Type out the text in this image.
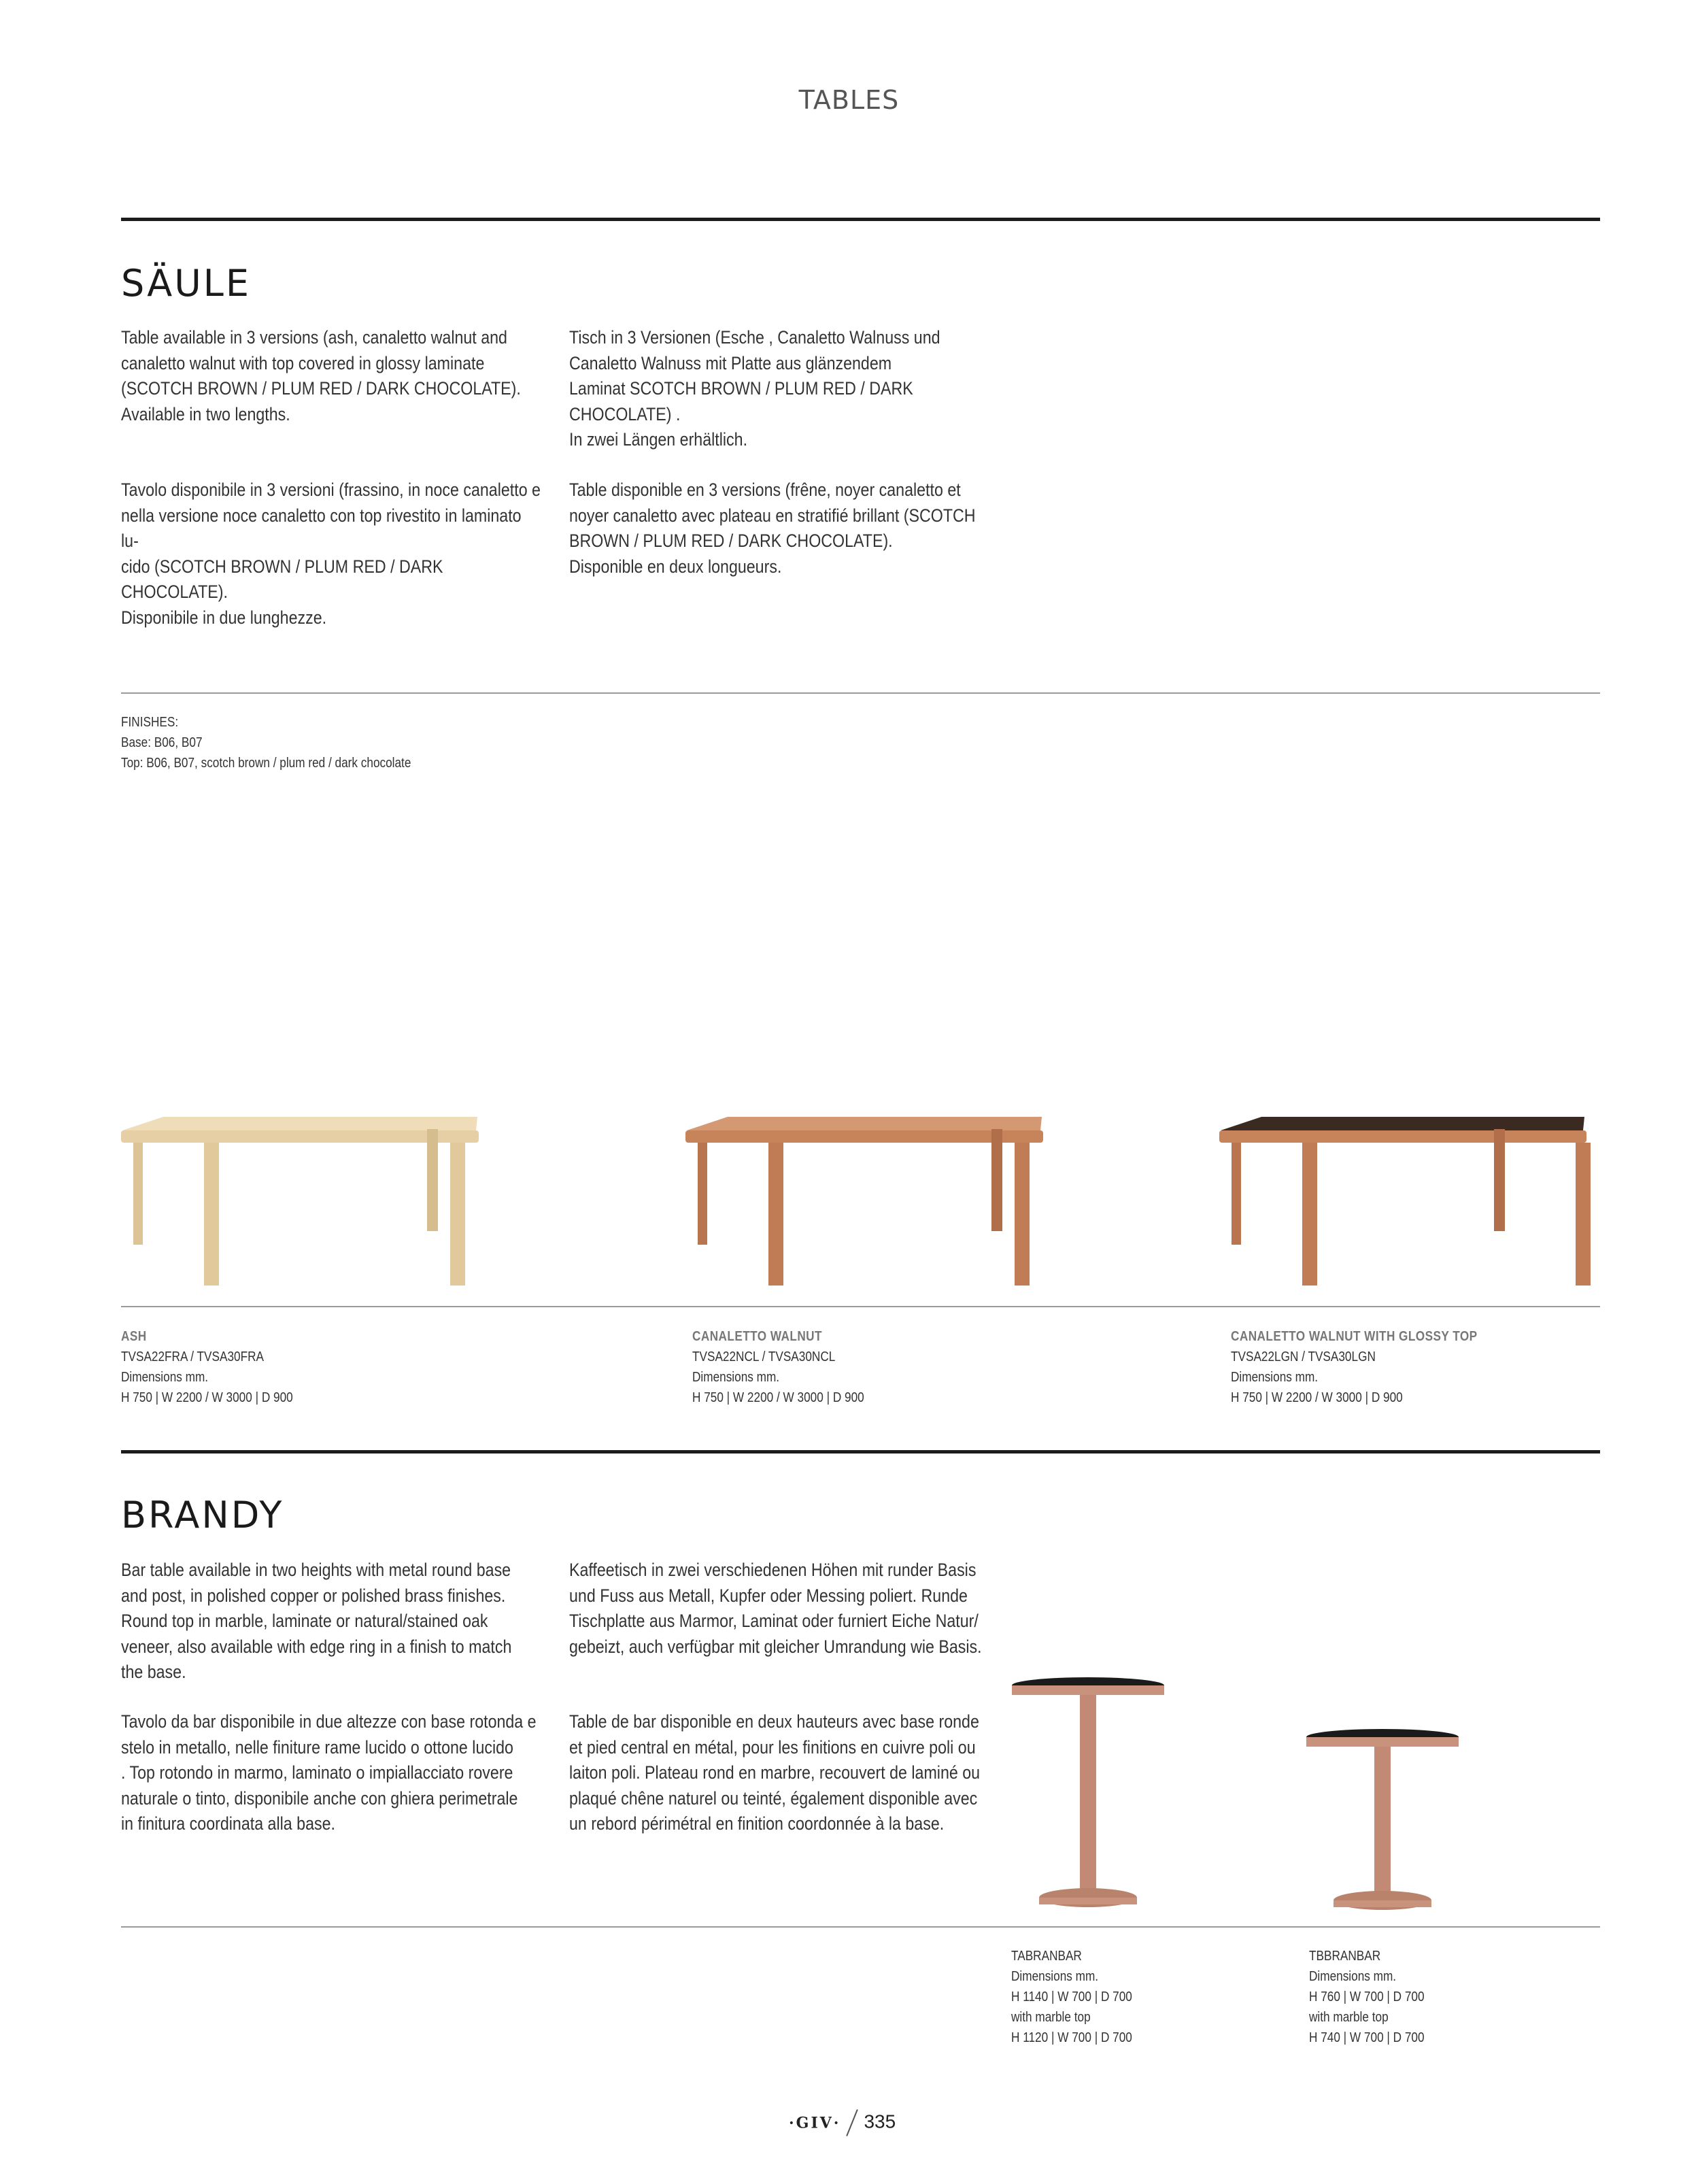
TABLES
SÄULE
Table available in 3 versions (ash, canaletto walnut and
canaletto walnut with top covered in glossy laminate
(SCOTCH BROWN / PLUM RED / DARK CHOCOLATE).
Available in two lengths.
Tisch in 3 Versionen (Esche , Canaletto Walnuss und
Canaletto Walnuss mit Platte aus glänzendem
Laminat SCOTCH BROWN / PLUM RED / DARK CHOCOLATE) .
In zwei Längen erhältlich.
Tavolo disponibile in 3 versioni (frassino, in noce canaletto e
nella versione noce canaletto con top rivestito in laminato lu-
cido (SCOTCH BROWN / PLUM RED / DARK CHOCOLATE).
Disponibile in due lunghezze.
Table disponible en 3 versions (frêne, noyer canaletto et
noyer canaletto avec plateau en stratifié brillant (SCOTCH
BROWN / PLUM RED / DARK CHOCOLATE).
Disponible en deux longueurs.
FINISHES:
Base: B06, B07
Top: B06, B07, scotch brown / plum red / dark chocolate
ASH
TVSA22FRA / TVSA30FRA
Dimensions mm.
H 750 | W 2200 / W 3000 | D 900
CANALETTO WALNUT
TVSA22NCL / TVSA30NCL
Dimensions mm.
H 750 | W 2200 / W 3000 | D 900
CANALETTO WALNUT WITH GLOSSY TOP
TVSA22LGN / TVSA30LGN
Dimensions mm.
H 750 | W 2200 / W 3000 | D 900
BRANDY
Bar table available in two heights with metal round base
and post, in polished copper or polished brass finishes.
Round top in marble, laminate or natural/stained oak
veneer, also available with edge ring in a finish to match
the base.
Kaffeetisch in zwei verschiedenen Höhen mit runder Basis
und Fuss aus Metall, Kupfer oder Messing poliert. Runde
Tischplatte aus Marmor, Laminat oder furniert Eiche Natur/
gebeizt, auch verfügbar mit gleicher Umrandung wie Basis.
Tavolo da bar disponibile in due altezze con base rotonda e
stelo in metallo, nelle finiture rame lucido o ottone lucido
. Top rotondo in marmo, laminato o impiallacciato rovere
naturale o tinto, disponibile anche con ghiera perimetrale
in finitura coordinata alla base.
Table de bar disponible en deux hauteurs avec base ronde
et pied central en métal, pour les finitions en cuivre poli ou
laiton poli. Plateau rond en marbre, recouvert de laminé ou
plaqué chêne naturel ou teinté, également disponible avec
un rebord périmétral en finition coordonnée à la base.
TABRANBAR
Dimensions mm.
H 1140 | W 700 | D 700
with marble top
H 1120 | W 700 | D 700
TBBRANBAR
Dimensions mm.
H 760 | W 700 | D 700
with marble top
H 740 | W 700 | D 700
·GIV· 335
